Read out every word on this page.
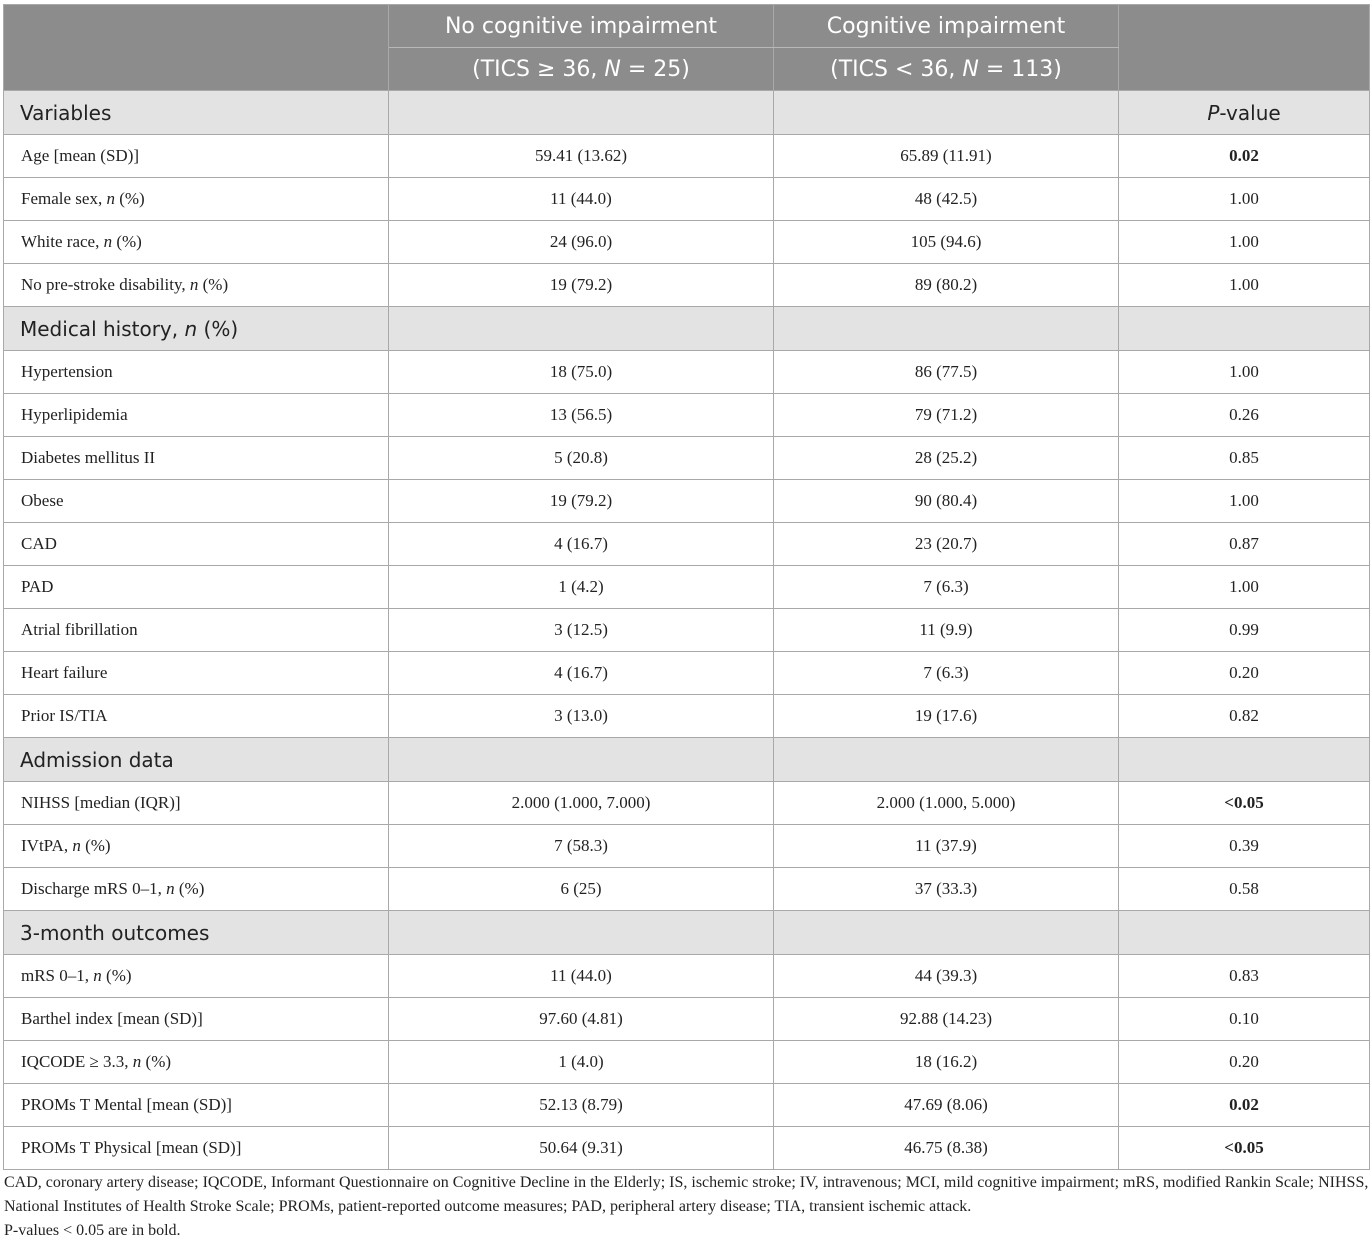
	No cognitive impairment	Cognitive impairment	
	(TICS ≥ 36, N = 25)	(TICS < 36, N = 113)	
Variables			P-value
Age [mean (SD)]	59.41 (13.62)	65.89 (11.91)	0.02
Female sex, n (%)	11 (44.0)	48 (42.5)	1.00
White race, n (%)	24 (96.0)	105 (94.6)	1.00
No pre-stroke disability, n (%)	19 (79.2)	89 (80.2)	1.00
Medical history, n (%)			
Hypertension	18 (75.0)	86 (77.5)	1.00
Hyperlipidemia	13 (56.5)	79 (71.2)	0.26
Diabetes mellitus II	5 (20.8)	28 (25.2)	0.85
Obese	19 (79.2)	90 (80.4)	1.00
CAD	4 (16.7)	23 (20.7)	0.87
PAD	1 (4.2)	7 (6.3)	1.00
Atrial fibrillation	3 (12.5)	11 (9.9)	0.99
Heart failure	4 (16.7)	7 (6.3)	0.20
Prior IS/TIA	3 (13.0)	19 (17.6)	0.82
Admission data			
NIHSS [median (IQR)]	2.000 (1.000, 7.000)	2.000 (1.000, 5.000)	<0.05
IVtPA, n (%)	7 (58.3)	11 (37.9)	0.39
Discharge mRS 0–1, n (%)	6 (25)	37 (33.3)	0.58
3-month outcomes			
mRS 0–1, n (%)	11 (44.0)	44 (39.3)	0.83
Barthel index [mean (SD)]	97.60 (4.81)	92.88 (14.23)	0.10
IQCODE ≥ 3.3, n (%)	1 (4.0)	18 (16.2)	0.20
PROMs T Mental [mean (SD)]	52.13 (8.79)	47.69 (8.06)	0.02
PROMs T Physical [mean (SD)]	50.64 (9.31)	46.75 (8.38)	<0.05

CAD, coronary artery disease; IQCODE, Informant Questionnaire on Cognitive Decline in the Elderly; IS, ischemic stroke; IV, intravenous; MCI, mild cognitive impairment; mRS, modified Rankin Scale; NIHSS, National Institutes of Health Stroke Scale; PROMs, patient-reported outcome measures; PAD, peripheral artery disease; TIA, transient ischemic attack.

P-values < 0.05 are in bold.
